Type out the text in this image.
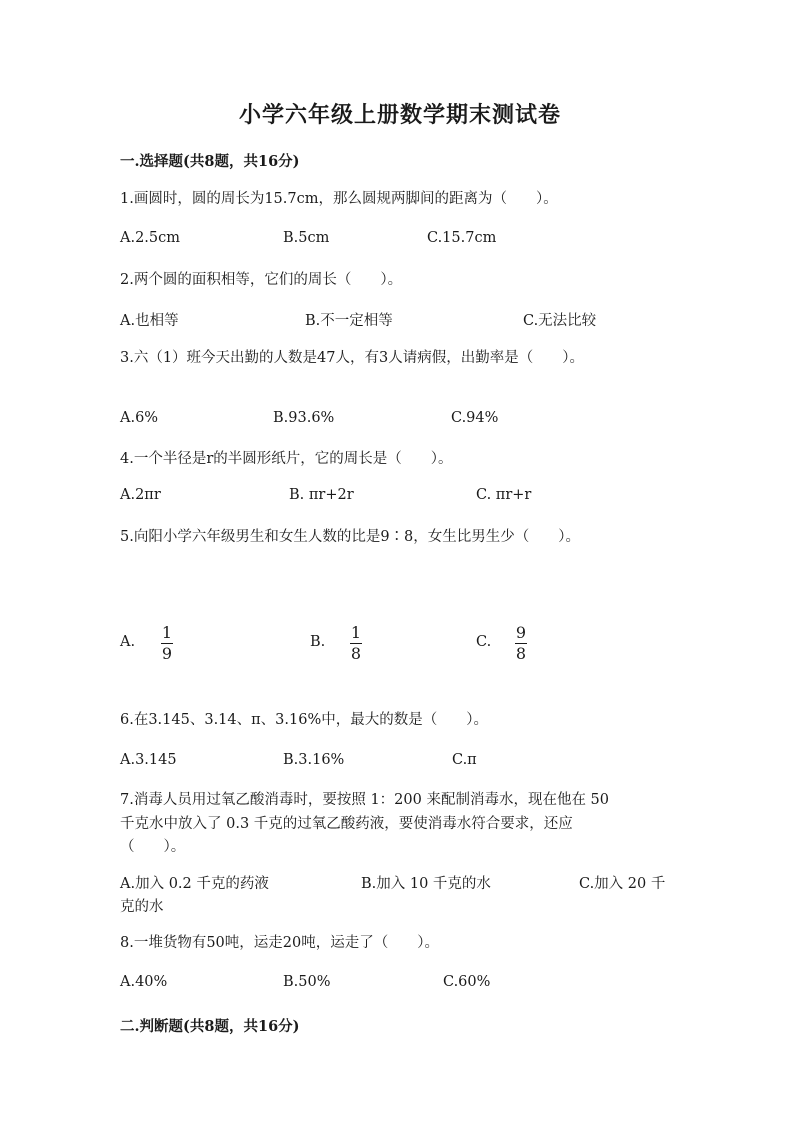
小学六年级上册数学期末测试卷
一.选择题(共8题，共16分)
1.画圆时，圆的周长为15.7cm，那么圆规两脚间的距离为（　　）。
A.2.5cm	B.5cm	C.15.7cm
2.两个圆的面积相等，它们的周长（　　）。
A.也相等	B.不一定相等	C.无法比较
3.六（1）班今天出勤的人数是47人，有3人请病假，出勤率是（　　）。
A.6%	B.93.6%	C.94%
4.一个半径是r的半圆形纸片，它的周长是（　　）。
A.2πr	B. πr+2r	C. πr+r
5.向阳小学六年级男生和女生人数的比是9∶8，女生比男生少（　　）。
A. 1
9
B. 1
8
C. 9
8
6.在3.145、3.14、π、3.16%中，最大的数是（　　）。
A.3.145	B.3.16%	C.π
7.消毒人员用过氧乙酸消毒时，要按照 1：200 来配制消毒水，现在他在 50
千克水中放入了 0.3 千克的过氧乙酸药液，要使消毒水符合要求，还应
（　　）。
A.加入 0.2 千克的药液	B.加入 10 千克的水	C.加入 20 千
克的水
8.一堆货物有50吨，运走20吨，运走了（　　）。
A.40%	B.50%	C.60%
二.判断题(共8题，共16分)
